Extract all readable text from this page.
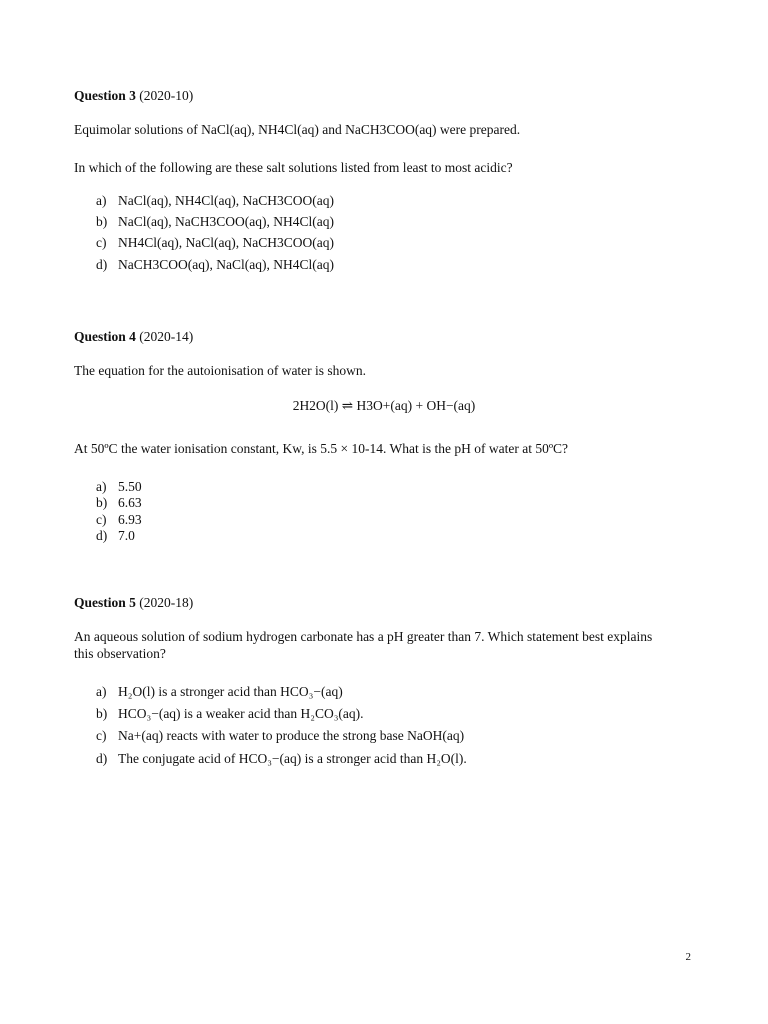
Question 3 (2020-10)
Equimolar solutions of NaCl(aq), NH4Cl(aq) and NaCH3COO(aq) were prepared.
In which of the following are these salt solutions listed from least to most acidic?
a) NaCl(aq), NH4Cl(aq), NaCH3COO(aq)
b) NaCl(aq), NaCH3COO(aq), NH4Cl(aq)
c) NH4Cl(aq), NaCl(aq), NaCH3COO(aq)
d) NaCH3COO(aq), NaCl(aq), NH4Cl(aq)
Question 4 (2020-14)
The equation for the autoionisation of water is shown.
2H2O(l) ⇌ H3O+(aq) + OH−(aq)
At 50ºC the water ionisation constant, Kw, is 5.5 × 10-14. What is the pH of water at 50ºC?
a) 5.50
b) 6.63
c) 6.93
d) 7.0
Question 5 (2020-18)
An aqueous solution of sodium hydrogen carbonate has a pH greater than 7. Which statement best explains this observation?
a) H₂O(l) is a stronger acid than HCO₃−(aq)
b) HCO₃−(aq) is a weaker acid than H₂CO₃(aq).
c) Na+(aq) reacts with water to produce the strong base NaOH(aq)
d) The conjugate acid of HCO₃−(aq) is a stronger acid than H₂O(l).
2
